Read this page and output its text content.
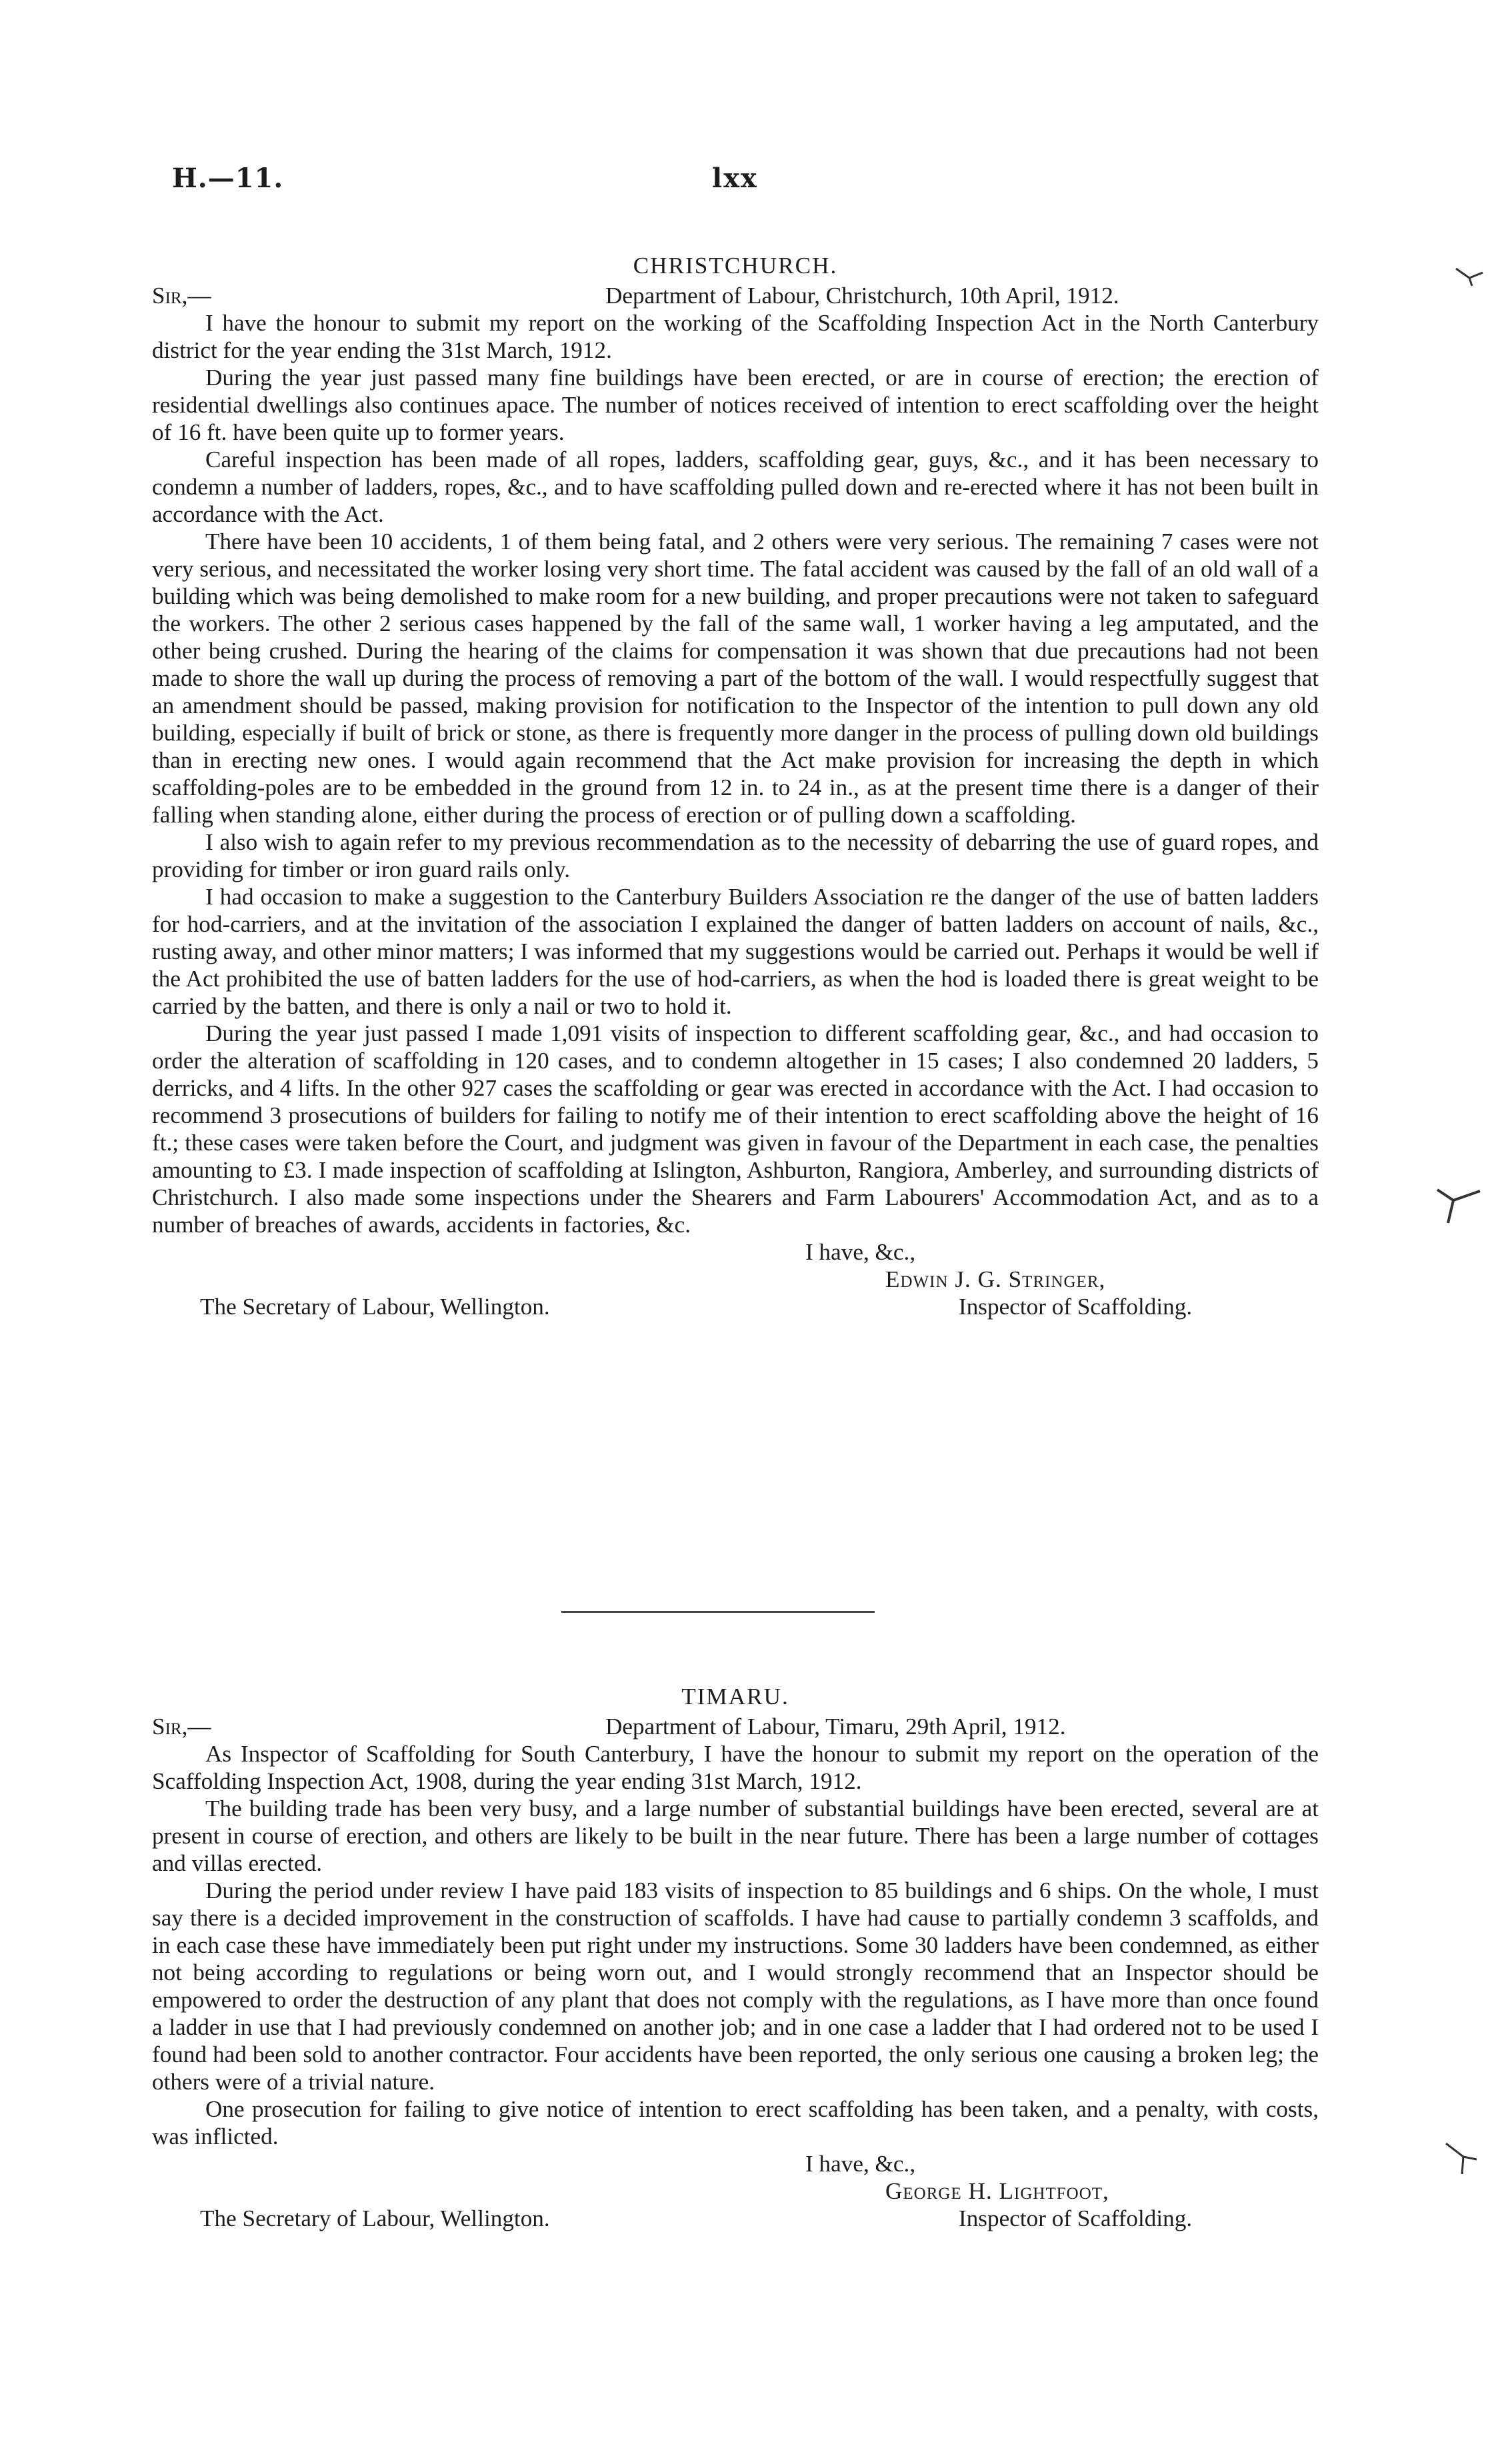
H.—11.	lxx
CHRISTCHURCH.
Sir,—	Department of Labour, Christchurch, 10th April, 1912.

I have the honour to submit my report on the working of the Scaffolding Inspection Act in the North Canterbury district for the year ending the 31st March, 1912.

During the year just passed many fine buildings have been erected, or are in course of erection; the erection of residential dwellings also continues apace. The number of notices received of intention to erect scaffolding over the height of 16 ft. have been quite up to former years.

Careful inspection has been made of all ropes, ladders, scaffolding gear, guys, &c., and it has been necessary to condemn a number of ladders, ropes, &c., and to have scaffolding pulled down and re-erected where it has not been built in accordance with the Act.

There have been 10 accidents, 1 of them being fatal, and 2 others were very serious. The remaining 7 cases were not very serious, and necessitated the worker losing very short time. The fatal accident was caused by the fall of an old wall of a building which was being demolished to make room for a new building, and proper precautions were not taken to safeguard the workers. The other 2 serious cases happened by the fall of the same wall, 1 worker having a leg amputated, and the other being crushed. During the hearing of the claims for compensation it was shown that due precautions had not been made to shore the wall up during the process of removing a part of the bottom of the wall. I would respectfully suggest that an amendment should be passed, making provision for notification to the Inspector of the intention to pull down any old building, especially if built of brick or stone, as there is frequently more danger in the process of pulling down old buildings than in erecting new ones. I would again recommend that the Act make provision for increasing the depth in which scaffolding-poles are to be embedded in the ground from 12 in. to 24 in., as at the present time there is a danger of their falling when standing alone, either during the process of erection or of pulling down a scaffolding.

I also wish to again refer to my previous recommendation as to the necessity of debarring the use of guard ropes, and providing for timber or iron guard rails only.

I had occasion to make a suggestion to the Canterbury Builders Association re the danger of the use of batten ladders for hod-carriers, and at the invitation of the association I explained the danger of batten ladders on account of nails, &c., rusting away, and other minor matters; I was informed that my suggestions would be carried out. Perhaps it would be well if the Act prohibited the use of batten ladders for the use of hod-carriers, as when the hod is loaded there is great weight to be carried by the batten, and there is only a nail or two to hold it.

During the year just passed I made 1,091 visits of inspection to different scaffolding gear, &c., and had occasion to order the alteration of scaffolding in 120 cases, and to condemn altogether in 15 cases; I also condemned 20 ladders, 5 derricks, and 4 lifts. In the other 927 cases the scaffolding or gear was erected in accordance with the Act. I had occasion to recommend 3 prosecutions of builders for failing to notify me of their intention to erect scaffolding above the height of 16 ft.; these cases were taken before the Court, and judgment was given in favour of the Department in each case, the penalties amounting to £3. I made inspection of scaffolding at Islington, Ashburton, Rangiora, Amberley, and surrounding districts of Christchurch. I also made some inspections under the Shearers and Farm Labourers' Accommodation Act, and as to a number of breaches of awards, accidents in factories, &c.

I have, &c.,
Edwin J. G. Stringer,
The Secretary of Labour, Wellington.	Inspector of Scaffolding.
TIMARU.
Sir,—	Department of Labour, Timaru, 29th April, 1912.

As Inspector of Scaffolding for South Canterbury, I have the honour to submit my report on the operation of the Scaffolding Inspection Act, 1908, during the year ending 31st March, 1912.

The building trade has been very busy, and a large number of substantial buildings have been erected, several are at present in course of erection, and others are likely to be built in the near future. There has been a large number of cottages and villas erected.

During the period under review I have paid 183 visits of inspection to 85 buildings and 6 ships. On the whole, I must say there is a decided improvement in the construction of scaffolds. I have had cause to partially condemn 3 scaffolds, and in each case these have immediately been put right under my instructions. Some 30 ladders have been condemned, as either not being according to regulations or being worn out, and I would strongly recommend that an Inspector should be empowered to order the destruction of any plant that does not comply with the regulations, as I have more than once found a ladder in use that I had previously condemned on another job; and in one case a ladder that I had ordered not to be used I found had been sold to another contractor. Four accidents have been reported, the only serious one causing a broken leg; the others were of a trivial nature.

One prosecution for failing to give notice of intention to erect scaffolding has been taken, and a penalty, with costs, was inflicted.

I have, &c.,
George H. Lightfoot,
The Secretary of Labour, Wellington.	Inspector of Scaffolding.
